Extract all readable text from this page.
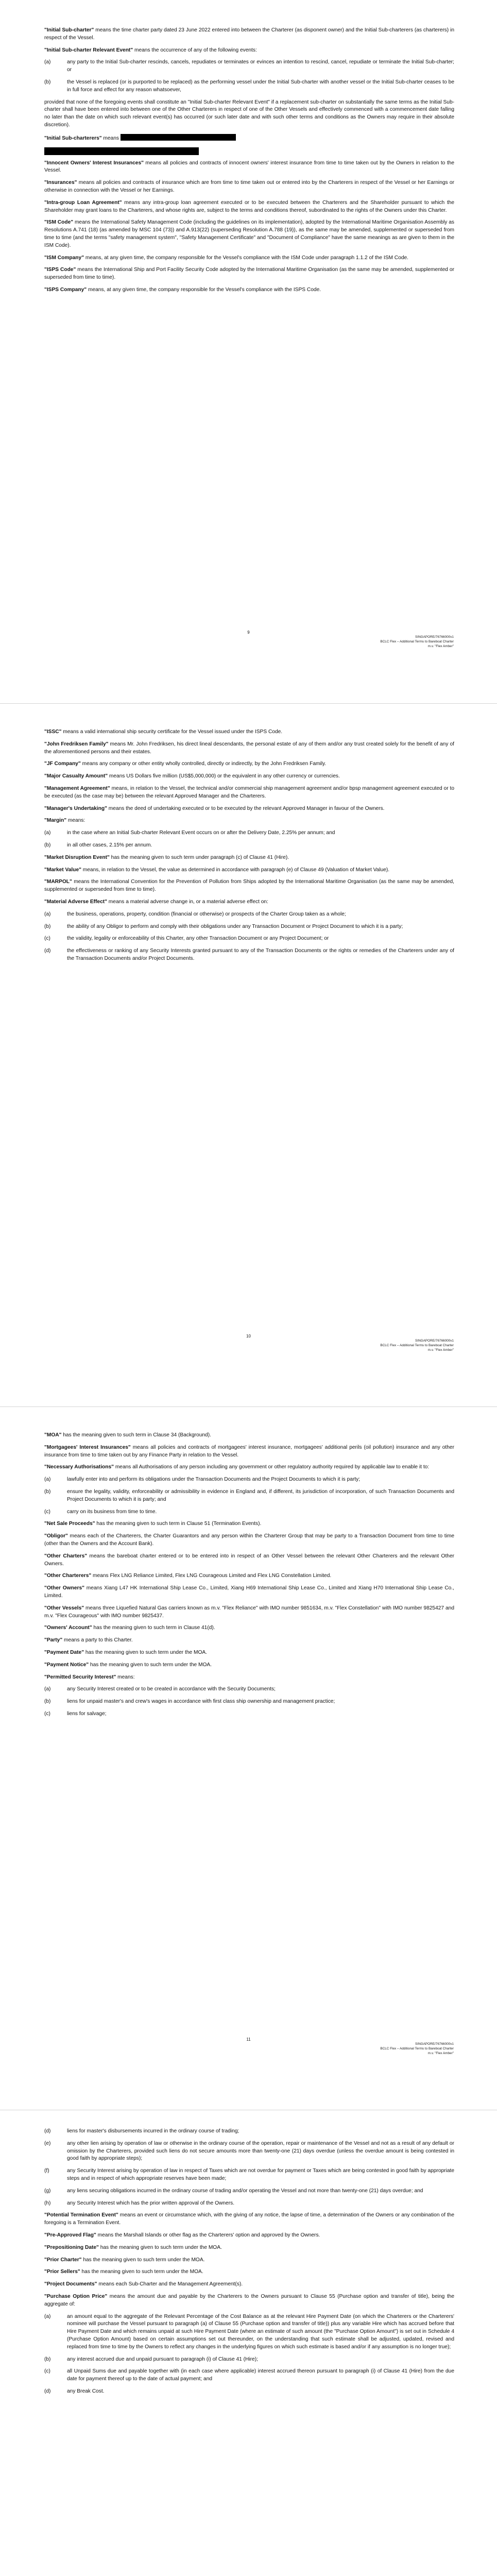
"Initial Sub-charter" means the time charter party dated 23 June 2022 entered into between the Charterer (as disponent owner) and the Initial Sub-charterers (as charterers) in respect of the Vessel.

"Initial Sub-charter Relevant Event" means the occurrence of any of the following events:

(a)	any party to the Initial Sub-charter rescinds, cancels, repudiates or terminates or evinces an intention to rescind, cancel, repudiate or terminate the Initial Sub-charter; or
(b)	the Vessel is replaced (or is purported to be replaced) as the performing vessel under the Initial Sub-charter with another vessel or the Initial Sub-charter ceases to be in full force and effect for any reason whatsoever,

provided that none of the foregoing events shall constitute an "Initial Sub-charter Relevant Event" if a replacement sub-charter on substantially the same terms as the Initial Sub-charter shall have been entered into between one of the Other Charterers in respect of one of the Other Vessels and effectively commenced with a commencement date falling no later than the date on which such relevant event(s) has occurred (or such later date and with such other terms and conditions as the Owners may require in their absolute discretion).

"Initial Sub-charterers" means

"Innocent Owners' Interest Insurances" means all policies and contracts of innocent owners' interest insurance from time to time taken out by the Owners in relation to the Vessel.

"Insurances" means all policies and contracts of insurance which are from time to time taken out or entered into by the Charterers in respect of the Vessel or her Earnings or otherwise in connection with the Vessel or her Earnings.

"Intra-group Loan Agreement" means any intra-group loan agreement executed or to be executed between the Charterers and the Shareholder pursuant to which the Shareholder may grant loans to the Charterers, and whose rights are, subject to the terms and conditions thereof, subordinated to the rights of the Owners under this Charter.

"ISM Code" means the International Safety Management Code (including the guidelines on its implementation), adopted by the International Maritime Organisation Assembly as Resolutions A.741 (18) (as amended by MSC 104 (73)) and A.913(22) (superseding Resolution A.788 (19)), as the same may be amended, supplemented or superseded from time to time (and the terms "safety management system", "Safety Management Certificate" and "Document of Compliance" have the same meanings as are given to them in the ISM Code).

"ISM Company" means, at any given time, the company responsible for the Vessel's compliance with the ISM Code under paragraph 1.1.2 of the ISM Code.

"ISPS Code" means the International Ship and Port Facility Security Code adopted by the International Maritime Organisation (as the same may be amended, supplemented or superseded from time to time).

"ISPS Company" means, at any given time, the company responsible for the Vessel's compliance with the ISPS Code.

9
SINGAPORE/76766000v1
BCLC Flex – Additional Terms to Bareboat Charter
m.v. "Flex Amber"

"ISSC" means a valid international ship security certificate for the Vessel issued under the ISPS Code.

"John Fredriksen Family" means Mr. John Fredriksen, his direct lineal descendants, the personal estate of any of them and/or any trust created solely for the benefit of any of the aforementioned persons and their estates.

"JF Company" means any company or other entity wholly controlled, directly or indirectly, by the John Fredriksen Family.

"Major Casualty Amount" means US Dollars five million (US$5,000,000) or the equivalent in any other currency or currencies.

"Management Agreement" means, in relation to the Vessel, the technical and/or commercial ship management agreement and/or bpsp management agreement executed or to be executed (as the case may be) between the relevant Approved Manager and the Charterers.

"Manager's Undertaking" means the deed of undertaking executed or to be executed by the relevant Approved Manager in favour of the Owners.

"Margin" means:

(a)	in the case where an Initial Sub-charter Relevant Event occurs on or after the Delivery Date, 2.25% per annum; and
(b)	in all other cases, 2.15% per annum.

"Market Disruption Event" has the meaning given to such term under paragraph (c) of Clause 41 (Hire).

"Market Value" means, in relation to the Vessel, the value as determined in accordance with paragraph (e) of Clause 49 (Valuation of Market Value).

"MARPOL" means the International Convention for the Prevention of Pollution from Ships adopted by the International Maritime Organisation (as the same may be amended, supplemented or superseded from time to time).

"Material Adverse Effect" means a material adverse change in, or a material adverse effect on:

(a)	the business, operations, property, condition (financial or otherwise) or prospects of the Charter Group taken as a whole;
(b)	the ability of any Obligor to perform and comply with their obligations under any Transaction Document or Project Document to which it is a party;
(c)	the validity, legality or enforceability of this Charter, any other Transaction Document or any Project Document; or
(d)	the effectiveness or ranking of any Security Interests granted pursuant to any of the Transaction Documents or the rights or remedies of the Charterers under any of the Transaction Documents and/or Project Documents.
10
SINGAPORE/76766000v1
BCLC Flex – Additional Terms to Bareboat Charter
m.v. "Flex Amber"

"MOA" has the meaning given to such term in Clause 34 (Background).

"Mortgagees' Interest Insurances" means all policies and contracts of mortgagees' interest insurance, mortgagees' additional perils (oil pollution) insurance and any other insurance from time to time taken out by any Finance Party in relation to the Vessel.

"Necessary Authorisations" means all Authorisations of any person including any government or other regulatory authority required by applicable law to enable it to:

(a)	lawfully enter into and perform its obligations under the Transaction Documents and the Project Documents to which it is party;
(b)	ensure the legality, validity, enforceability or admissibility in evidence in England and, if different, its jurisdiction of incorporation, of such Transaction Documents and Project Documents to which it is party; and
(c)	carry on its business from time to time.

"Net Sale Proceeds" has the meaning given to such term in Clause 51 (Termination Events).

"Obligor" means each of the Charterers, the Charter Guarantors and any person within the Charterer Group that may be party to a Transaction Document from time to time (other than the Owners and the Account Bank).

"Other Charters" means the bareboat charter entered or to be entered into in respect of an Other Vessel between the relevant Other Charterers and the relevant Other Owners.

"Other Charterers" means Flex LNG Reliance Limited, Flex LNG Courageous Limited and Flex LNG Constellation Limited.

"Other Owners" means Xiang L47 HK International Ship Lease Co., Limited, Xiang H69 International Ship Lease Co., Limited and Xiang H70 International Ship Lease Co., Limited.

"Other Vessels" means three Liquefied Natural Gas carriers known as m.v. "Flex Reliance" with IMO number 9851634, m.v. "Flex Constellation" with IMO number 9825427 and m.v. "Flex Courageous" with IMO number 9825437.

"Owners' Account" has the meaning given to such term in Clause 41(d).

"Party" means a party to this Charter.

"Payment Date" has the meaning given to such term under the MOA.

"Payment Notice" has the meaning given to such term under the MOA.

"Permitted Security Interest" means:

(a)	any Security Interest created or to be created in accordance with the Security Documents;
(b)	liens for unpaid master's and crew's wages in accordance with first class ship ownership and management practice;
(c)	liens for salvage;
11
SINGAPORE/76766000v1
BCLC Flex – Additional Terms to Bareboat Charter
m.v. "Flex Amber"
(d)	liens for master's disbursements incurred in the ordinary course of trading;
(e)	any other lien arising by operation of law or otherwise in the ordinary course of the operation, repair or maintenance of the Vessel and not as a result of any default or omission by the Charterers, provided such liens do not secure amounts more than twenty-one (21) days overdue (unless the overdue amount is being contested in good faith by appropriate steps);
(f)	any Security Interest arising by operation of law in respect of Taxes which are not overdue for payment or Taxes which are being contested in good faith by appropriate steps and in respect of which appropriate reserves have been made;
(g)	any liens securing obligations incurred in the ordinary course of trading and/or operating the Vessel and not more than twenty-one (21) days overdue; and
(h)	any Security Interest which has the prior written approval of the Owners.

"Potential Termination Event" means an event or circumstance which, with the giving of any notice, the lapse of time, a determination of the Owners or any combination of the foregoing is a Termination Event.

"Pre-Approved Flag" means the Marshall Islands or other flag as the Charterers' option and approved by the Owners.

"Prepositioning Date" has the meaning given to such term under the MOA.

"Prior Charter" has the meaning given to such term under the MOA.

"Prior Sellers" has the meaning given to such term under the MOA.

"Project Documents" means each Sub-Charter and the Management Agreement(s).

"Purchase Option Price" means the amount due and payable by the Charterers to the Owners pursuant to Clause 55 (Purchase option and transfer of title), being the aggregate of:

(a)	an amount equal to the aggregate of the Relevant Percentage of the Cost Balance as at the relevant Hire Payment Date (on which the Charterers or the Charterers' nominee will purchase the Vessel pursuant to paragraph (a) of Clause 55 (Purchase option and transfer of title)) plus any variable Hire which has accrued before that Hire Payment Date and which remains unpaid at such Hire Payment Date (where an estimate of such amount (the "Purchase Option Amount") is set out in Schedule 4 (Purchase Option Amount) based on certain assumptions set out thereunder, on the understanding that such estimate shall be adjusted, updated, revised and replaced from time to time by the Owners to reflect any changes in the underlying figures on which such estimate is based and/or if any assumption is no longer true);
(b)	any interest accrued due and unpaid pursuant to paragraph (i) of Clause 41 (Hire);
(c)	all Unpaid Sums due and payable together with (in each case where applicable) interest accrued thereon pursuant to paragraph (i) of Clause 41 (Hire) from the due date for payment thereof up to the date of actual payment; and
(d)	any Break Cost.
